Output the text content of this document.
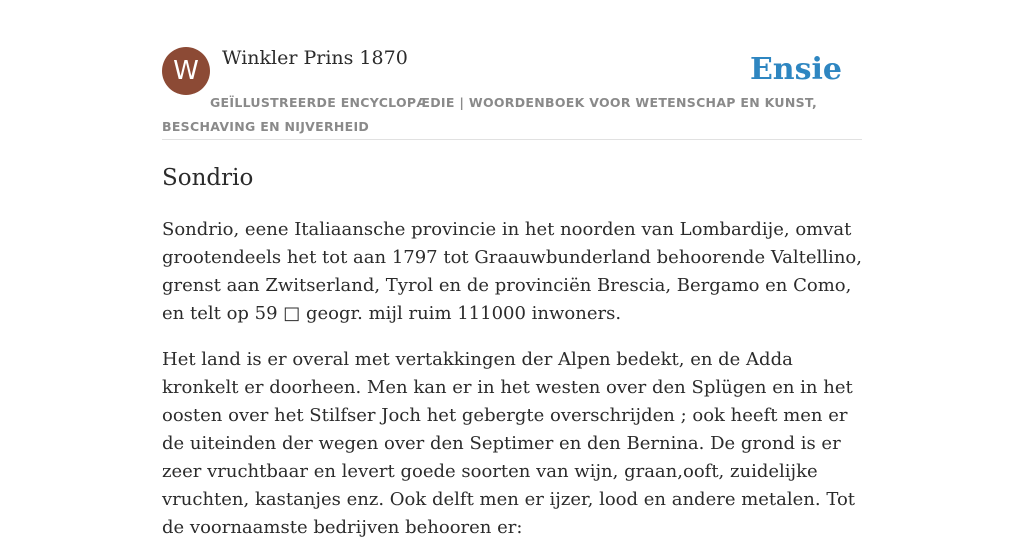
W	Winkler Prins 1870	Ensie
GEÏLLUSTREERDE ENCYCLOPÆDIE | WOORDENBOEK VOOR WETENSCHAP EN KUNST, BESCHAVING EN NIJVERHEID
Sondrio

Sondrio, eene Italiaansche provincie in het noorden van Lombardije, omvat grootendeels het tot aan 1797 tot Graauwbunderland behoorende Valtellino, grenst aan Zwitserland, Tyrol en de provinciën Brescia, Bergamo en Como, en telt op 59 □ geogr. mijl ruim 111000 inwoners.

Het land is er overal met vertakkingen der Alpen bedekt, en de Adda kronkelt er doorheen. Men kan er in het westen over den Splügen en in het oosten over het Stilfser Joch het gebergte overschrijden ; ook heeft men er de uiteinden der wegen over den Septimer en den Bernina. De grond is er zeer vruchtbaar en levert goede soorten van wijn, graan,ooft, zuidelijke vruchten, kastanjes enz. Ook delft men er ijzer, lood en andere metalen. Tot de voornaamste bedrijven behooren er:
